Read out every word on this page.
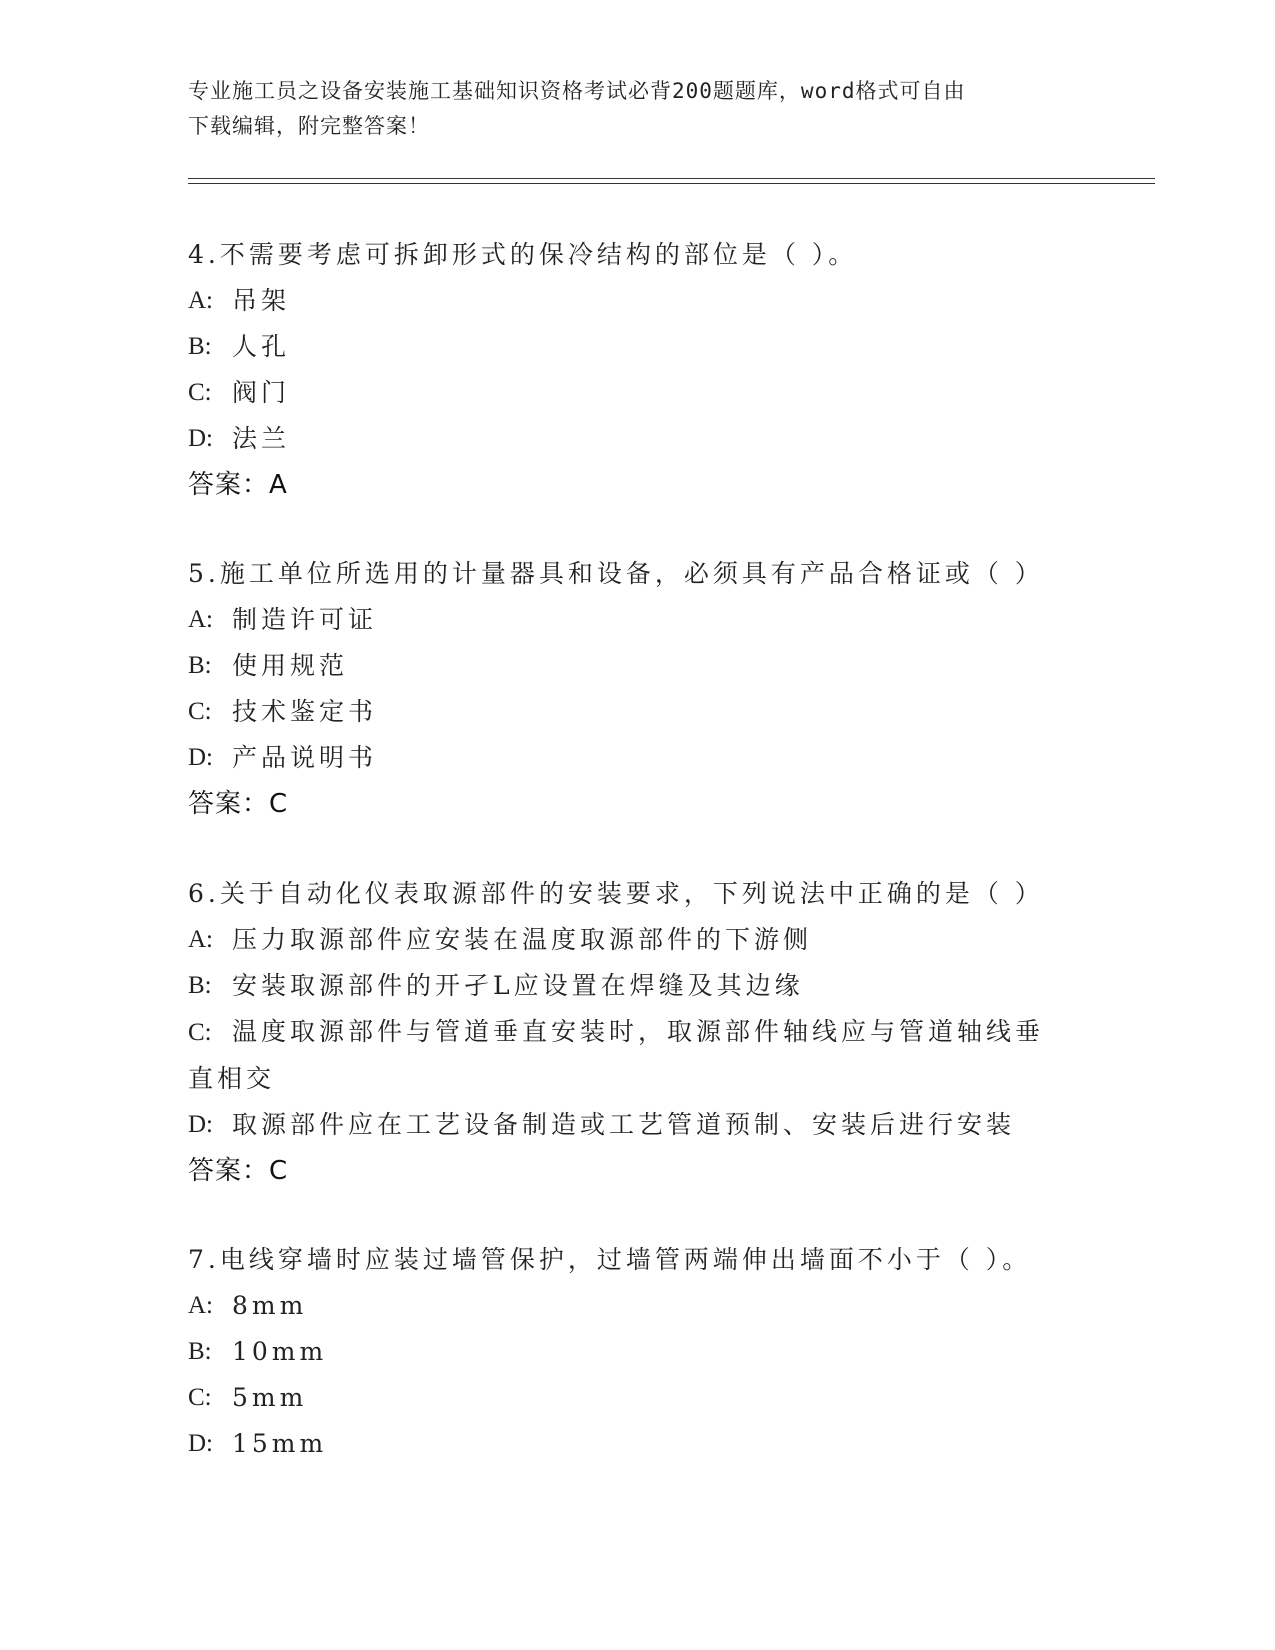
专业施工员之设备安装施工基础知识资格考试必背200题题库，word格式可自由
下载编辑，附完整答案！
4.不需要考虑可拆卸形式的保冷结构的部位是（ ）。
A: 吊架
B: 人孔
C: 阀门
D: 法兰
答案：A
5.施工单位所选用的计量器具和设备，必须具有产品合格证或（ ）
A: 制造许可证
B: 使用规范
C: 技术鉴定书
D: 产品说明书
答案：C
6.关于自动化仪表取源部件的安装要求，下列说法中正确的是（ ）
A: 压力取源部件应安装在温度取源部件的下游侧
B: 安装取源部件的开孑L应设置在焊缝及其边缘
C: 温度取源部件与管道垂直安装时，取源部件轴线应与管道轴线垂直相交
D: 取源部件应在工艺设备制造或工艺管道预制、安装后进行安装
答案：C
7.电线穿墙时应装过墙管保护，过墙管两端伸出墙面不小于（ ）。
A: 8mm
B: 10mm
C: 5mm
D: 15mm
